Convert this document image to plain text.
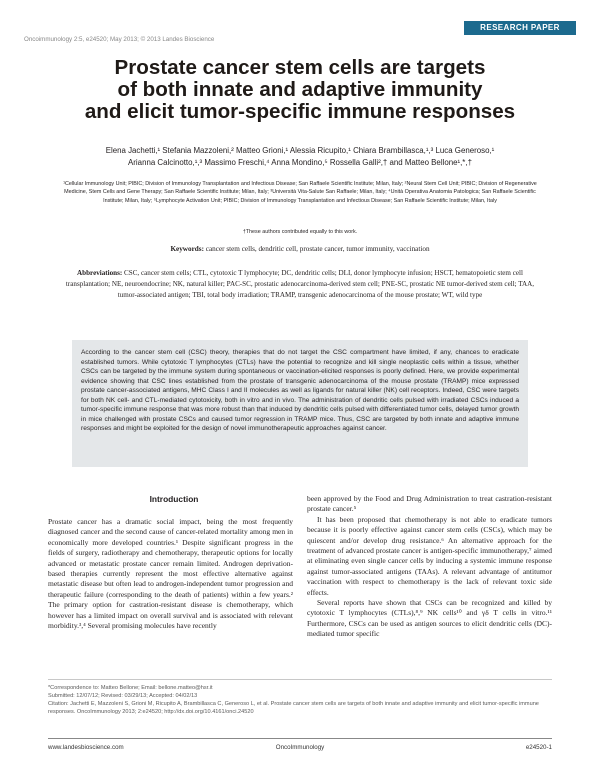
RESEARCH PAPER
Oncoimmunology 2:5, e24520; May 2013; © 2013 Landes Bioscience
Prostate cancer stem cells are targets
of both innate and adaptive immunity
and elicit tumor-specific immune responses
Elena Jachetti,¹ Stefania Mazzoleni,² Matteo Grioni,¹ Alessia Ricupito,¹ Chiara Brambillasca,¹,³ Luca Generoso,¹
Arianna Calcinotto,¹,³ Massimo Freschi,⁴ Anna Mondino,⁵ Rossella Galli²,† and Matteo Bellone¹,*,†
¹Cellular Immunology Unit; PIBIC; Division of Immunology Transplantation and Infectious Disease; San Raffaele Scientific Institute; Milan, Italy; ²Neural Stem Cell Unit; PIBIC; Division of Regenerative Medicine, Stem Cells and Gene Therapy; San Raffaele Scientific Institute; Milan, Italy; ³Università Vita-Salute San Raffaele; Milan, Italy; ⁴Unità Operativa Anatomia Patologica; San Raffaele Scientific Institute; Milan, Italy; ⁵Lymphocyte Activation Unit; PIBIC; Division of Immunology Transplantation and Infectious Disease; San Raffaele Scientific Institute; Milan, Italy
†These authors contributed equally to this work.
Keywords: cancer stem cells, dendritic cell, prostate cancer, tumor immunity, vaccination
Abbreviations: CSC, cancer stem cells; CTL, cytotoxic T lymphocyte; DC, dendritic cells; DLI, donor lymphocyte infusion; HSCT, hematopoietic stem cell transplantation; NE, neuroendocrine; NK, natural killer; PAC-SC, prostatic adenocarcinoma-derived stem cell; PNE-SC, prostatic NE tumor-derived stem cell; TAA, tumor-associated antigen; TBI, total body irradiation; TRAMP, transgenic adenocarcinoma of the mouse prostate; WT, wild type
According to the cancer stem cell (CSC) theory, therapies that do not target the CSC compartment have limited, if any, chances to eradicate established tumors. While cytotoxic T lymphocytes (CTLs) have the potential to recognize and kill single neoplastic cells within a tissue, whether CSCs can be targeted by the immune system during spontaneous or vaccination-elicited responses is poorly defined. Here, we provide experimental evidence showing that CSC lines established from the prostate of transgenic adenocarcinoma of the mouse prostate (TRAMP) mice expressed prostate cancer-associated antigens, MHC Class I and II molecules as well as ligands for natural killer (NK) cell receptors. Indeed, CSC were targets for both NK cell- and CTL-mediated cytotoxicity, both in vitro and in vivo. The administration of dendritic cells pulsed with irradiated CSCs induced a tumor-specific immune response that was more robust than that induced by dendritic cells pulsed with differentiated tumor cells, delayed tumor growth in mice challenged with prostate CSCs and caused tumor regression in TRAMP mice. Thus, CSC are targeted by both innate and adaptive immune responses and might be exploited for the design of novel immunotherapeutic approaches against cancer.
Introduction

Prostate cancer has a dramatic social impact, being the most frequently diagnosed cancer and the second cause of cancer-related mortality among men in economically more developed countries.¹ Despite significant progress in the fields of surgery, radiotherapy and chemotherapy, therapeutic options for locally advanced or metastatic prostate cancer remain limited. Androgen deprivation-based therapies currently represent the most effective alternative against metastatic disease but often lead to androgen-independent tumor progression and therapeutic failure (corresponding to the death of patients) within a few years.² The primary option for castration-resistant disease is chemotherapy, which however has a limited impact on overall survival and is associated with relevant morbidity.³,⁴ Several promising molecules have recently

been approved by the Food and Drug Administration to treat castration-resistant prostate cancer.⁵

It has been proposed that chemotherapy is not able to eradicate tumors because it is poorly effective against cancer stem cells (CSCs), which may be quiescent and/or develop drug resistance.⁶ An alternative approach for the treatment of advanced prostate cancer is antigen-specific immunotherapy,⁷ aimed at eliminating even single cancer cells by inducing a systemic immune response against tumor-associated antigens (TAAs). A relevant advantage of antitumor vaccination with respect to chemotherapy is the lack of relevant toxic side effects.

Several reports have shown that CSCs can be recognized and killed by cytotoxic T lymphocytes (CTLs),⁸,⁹ NK cells¹⁰ and γδ T cells in vitro.¹¹ Furthermore, CSCs can be used as antigen sources to elicit dendritic cells (DC)-mediated tumor specific

*Correspondence to: Matteo Bellone; Email: bellone.matteo@hsr.it
Submitted: 12/07/12; Revised: 03/29/13; Accepted: 04/02/13
Citation: Jachetti E, Mazzoleni S, Grioni M, Ricupito A, Brambillasca C, Generoso L, et al. Prostate cancer stem cells are targets of both innate and adaptive immunity and elicit tumor-specific immune responses. OncoImmunology 2013; 2:e24520; http://dx.doi.org/10.4161/onci.24520
www.landesbioscience.com	OncoImmunology	e24520-1
